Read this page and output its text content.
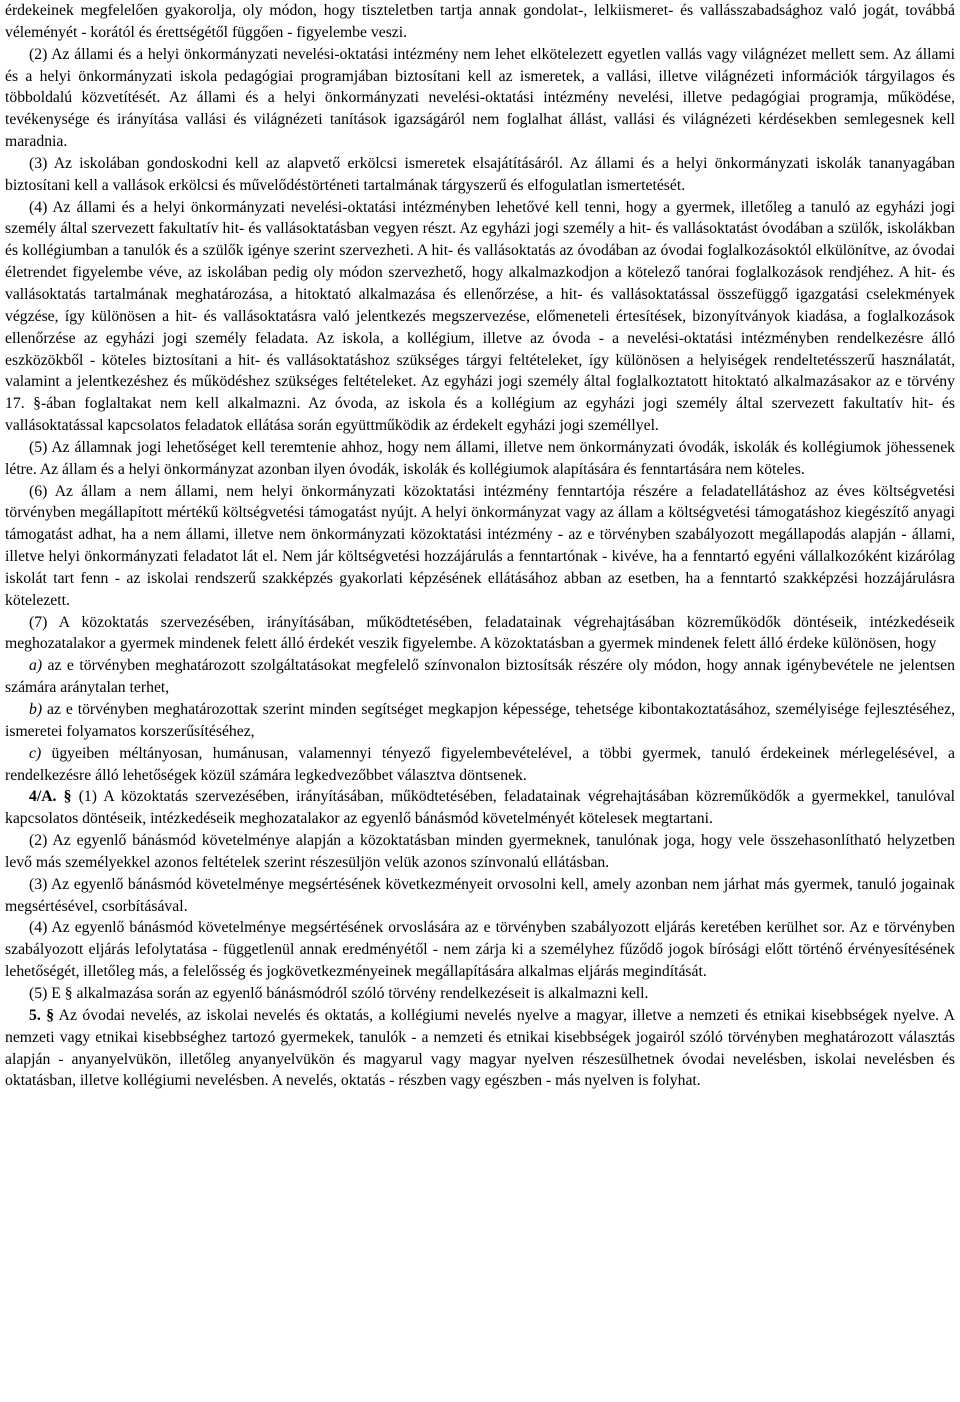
érdekeinek megfelelően gyakorolja, oly módon, hogy tiszteletben tartja annak gondolat-, lelkiismeret- és vallásszabadsághoz való jogát, továbbá véleményét - korától és érettségétől függően - figyelembe veszi.

(2) Az állami és a helyi önkormányzati nevelési-oktatási intézmény nem lehet elkötelezett egyetlen vallás vagy világnézet mellett sem. Az állami és a helyi önkormányzati iskola pedagógiai programjában biztosítani kell az ismeretek, a vallási, illetve világnézeti információk tárgyilagos és többoldalú közvetítését. Az állami és a helyi önkormányzati nevelési-oktatási intézmény nevelési, illetve pedagógiai programja, működése, tevékenysége és irányítása vallási és világnézeti tanítások igazságáról nem foglalhat állást, vallási és világnézeti kérdésekben semlegesnek kell maradnia.

(3) Az iskolában gondoskodni kell az alapvető erkölcsi ismeretek elsajátításáról. Az állami és a helyi önkormányzati iskolák tananyagában biztosítani kell a vallások erkölcsi és művelődéstörténeti tartalmának tárgyszerű és elfogulatlan ismertetését.

(4) Az állami és a helyi önkormányzati nevelési-oktatási intézményben lehetővé kell tenni, hogy a gyermek, illetőleg a tanuló az egyházi jogi személy által szervezett fakultatív hit- és vallásoktatásban vegyen részt. Az egyházi jogi személy a hit- és vallásoktatást óvodában a szülők, iskolákban és kollégiumban a tanulók és a szülők igénye szerint szervezheti. A hit- és vallásoktatás az óvodában az óvodai foglalkozásoktól elkülönítve, az óvodai életrendet figyelembe véve, az iskolában pedig oly módon szervezhető, hogy alkalmazkodjon a kötelező tanórai foglalkozások rendjéhez. A hit- és vallásoktatás tartalmának meghatározása, a hitoktató alkalmazása és ellenőrzése, a hit- és vallásoktatással összefüggő igazgatási cselekmények végzése, így különösen a hit- és vallásoktatásra való jelentkezés megszervezése, előmeneteli értesítések, bizonyítványok kiadása, a foglalkozások ellenőrzése az egyházi jogi személy feladata. Az iskola, a kollégium, illetve az óvoda - a nevelési-oktatási intézményben rendelkezésre álló eszközökből - köteles biztosítani a hit- és vallásoktatáshoz szükséges tárgyi feltételeket, így különösen a helyiségek rendeltetésszerű használatát, valamint a jelentkezéshez és működéshez szükséges feltételeket. Az egyházi jogi személy által foglalkoztatott hitoktató alkalmazásakor az e törvény 17. §-ában foglaltakat nem kell alkalmazni. Az óvoda, az iskola és a kollégium az egyházi jogi személy által szervezett fakultatív hit- és vallásoktatással kapcsolatos feladatok ellátása során együttműködik az érdekelt egyházi jogi személlyel.

(5) Az államnak jogi lehetőséget kell teremtenie ahhoz, hogy nem állami, illetve nem önkormányzati óvodák, iskolák és kollégiumok jöhessenek létre. Az állam és a helyi önkormányzat azonban ilyen óvodák, iskolák és kollégiumok alapítására és fenntartására nem köteles.

(6) Az állam a nem állami, nem helyi önkormányzati közoktatási intézmény fenntartója részére a feladatellátáshoz az éves költségvetési törvényben megállapított mértékű költségvetési támogatást nyújt. A helyi önkormányzat vagy az állam a költségvetési támogatáshoz kiegészítő anyagi támogatást adhat, ha a nem állami, illetve nem önkormányzati közoktatási intézmény - az e törvényben szabályozott megállapodás alapján - állami, illetve helyi önkormányzati feladatot lát el. Nem jár költségvetési hozzájárulás a fenntartónak - kivéve, ha a fenntartó egyéni vállalkozóként kizárólag iskolát tart fenn - az iskolai rendszerű szakképzés gyakorlati képzésének ellátásához abban az esetben, ha a fenntartó szakképzési hozzájárulásra kötelezett.

(7) A közoktatás szervezésében, irányításában, működtetésében, feladatainak végrehajtásában közreműködők döntéseik, intézkedéseik meghozatalakor a gyermek mindenek felett álló érdekét veszik figyelembe. A közoktatásban a gyermek mindenek felett álló érdeke különösen, hogy

a) az e törvényben meghatározott szolgáltatásokat megfelelő színvonalon biztosítsák részére oly módon, hogy annak igénybevétele ne jelentsen számára aránytalan terhet,

b) az e törvényben meghatározottak szerint minden segítséget megkapjon képessége, tehetsége kibontakoztatásához, személyisége fejlesztéséhez, ismeretei folyamatos korszerűsítéséhez,

c) ügyeiben méltányosan, humánusan, valamennyi tényező figyelembevételével, a többi gyermek, tanuló érdekeinek mérlegelésével, a rendelkezésre álló lehetőségek közül számára legkedvezőbbet választva döntsenek.

4/A. § (1) A közoktatás szervezésében, irányításában, működtetésében, feladatainak végrehajtásában közreműködők a gyermekkel, tanulóval kapcsolatos döntéseik, intézkedéseik meghozatalakor az egyenlő bánásmód követelményét kötelesek megtartani.

(2) Az egyenlő bánásmód követelménye alapján a közoktatásban minden gyermeknek, tanulónak joga, hogy vele összehasonlítható helyzetben levő más személyekkel azonos feltételek szerint részesüljön velük azonos színvonalú ellátásban.

(3) Az egyenlő bánásmód követelménye megsértésének következményeit orvosolni kell, amely azonban nem járhat más gyermek, tanuló jogainak megsértésével, csorbításával.

(4) Az egyenlő bánásmód követelménye megsértésének orvoslására az e törvényben szabályozott eljárás keretében kerülhet sor. Az e törvényben szabályozott eljárás lefolytatása - függetlenül annak eredményétől - nem zárja ki a személyhez fűződő jogok bírósági előtt történő érvényesítésének lehetőségét, illetőleg más, a felelősség és jogkövetkezményeinek megállapítására alkalmas eljárás megindítását.

(5) E § alkalmazása során az egyenlő bánásmódról szóló törvény rendelkezéseit is alkalmazni kell.

5. § Az óvodai nevelés, az iskolai nevelés és oktatás, a kollégiumi nevelés nyelve a magyar, illetve a nemzeti és etnikai kisebbségek nyelve. A nemzeti vagy etnikai kisebbséghez tartozó gyermekek, tanulók - a nemzeti és etnikai kisebbségek jogairól szóló törvényben meghatározott választás alapján - anyanyelvükön, illetőleg anyanyelvükön és magyarul vagy magyar nyelven részesülhetnek óvodai nevelésben, iskolai nevelésben és oktatásban, illetve kollégiumi nevelésben. A nevelés, oktatás - részben vagy egészben - más nyelven is folyhat.
